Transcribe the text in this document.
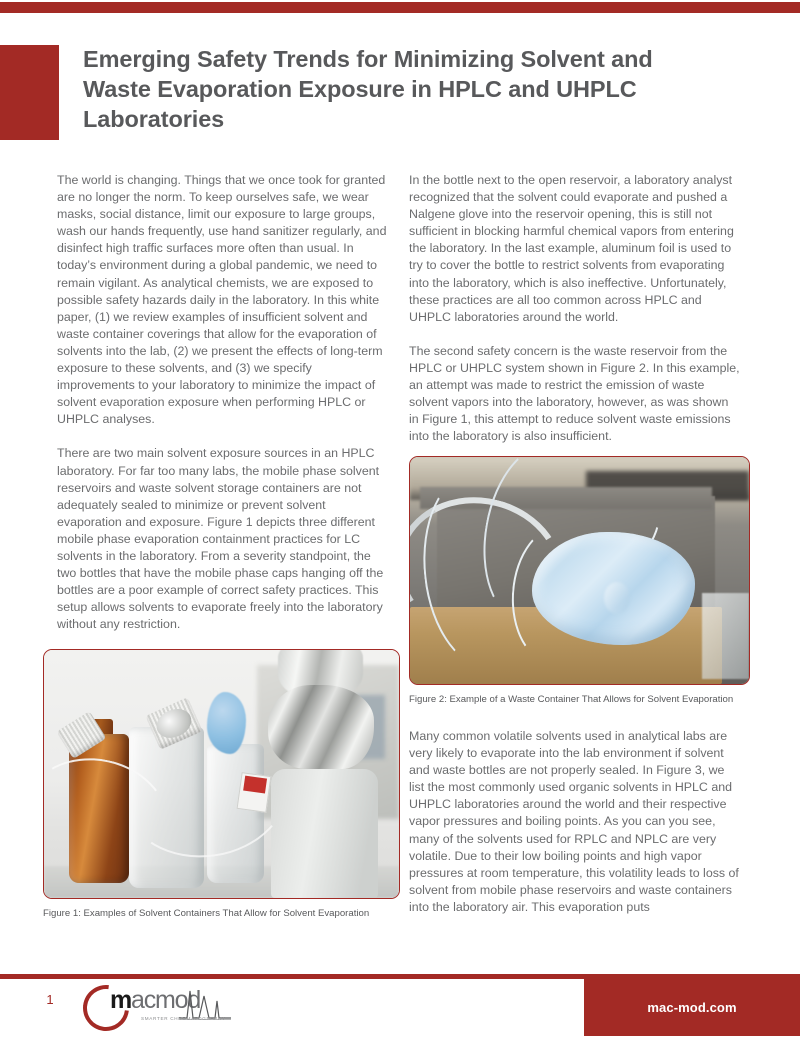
Emerging Safety Trends for Minimizing Solvent and Waste Evaporation Exposure in HPLC and UHPLC Laboratories

The world is changing. Things that we once took for granted are no longer the norm. To keep ourselves safe, we wear masks, social distance, limit our exposure to large groups, wash our hands frequently, use hand sanitizer regularly, and disinfect high traffic surfaces more often than usual. In today’s environment during a global pandemic, we need to remain vigilant. As analytical chemists, we are exposed to possible safety hazards daily in the laboratory. In this white paper, (1) we review examples of insufficient solvent and waste container coverings that allow for the evaporation of solvents into the lab, (2) we present the effects of long-term exposure to these solvents, and (3) we specify improvements to your laboratory to minimize the impact of solvent evaporation exposure when performing HPLC or UHPLC analyses.

There are two main solvent exposure sources in an HPLC laboratory. For far too many labs, the mobile phase solvent reservoirs and waste solvent storage containers are not adequately sealed to minimize or prevent solvent evaporation and exposure. Figure 1 depicts three different mobile phase evaporation containment practices for LC solvents in the laboratory. From a severity standpoint, the two bottles that have the mobile phase caps hanging off the bottles are a poor example of correct safety practices. This setup allows solvents to evaporate freely into the laboratory without any restriction.

In the bottle next to the open reservoir, a laboratory analyst recognized that the solvent could evaporate and pushed a Nalgene glove into the reservoir opening, this is still not sufficient in blocking harmful chemical vapors from entering the laboratory. In the last example, aluminum foil is used to try to cover the bottle to restrict solvents from evaporating into the laboratory, which is also ineffective. Unfortunately, these practices are all too common across HPLC and UHPLC laboratories around the world.

The second safety concern is the waste reservoir from the HPLC or UHPLC system shown in Figure 2. In this example, an attempt was made to restrict the emission of waste solvent vapors into the laboratory, however, as was shown in Figure 1, this attempt to reduce solvent waste emissions into the laboratory is also insufficient.

Figure 2: Example of a Waste Container That Allows for Solvent Evaporation

Many common volatile solvents used in analytical labs are very likely to evaporate into the lab environment if solvent and waste bottles are not properly sealed. In Figure 3, we list the most commonly used organic solvents in HPLC and UHPLC laboratories around the world and their respective vapor pressures and boiling points. As you can you see, many of the solvents used for RPLC and NPLC are very volatile. Due to their low boiling points and high vapor pressures at room temperature, this volatility leads to loss of solvent from mobile phase reservoirs and waste containers into the laboratory air. This evaporation puts

Figure 1: Examples of Solvent Containers That Allow for Solvent Evaporation
mac-mod.com
1 macmod
SMARTER CHROMATOGRAPHY
